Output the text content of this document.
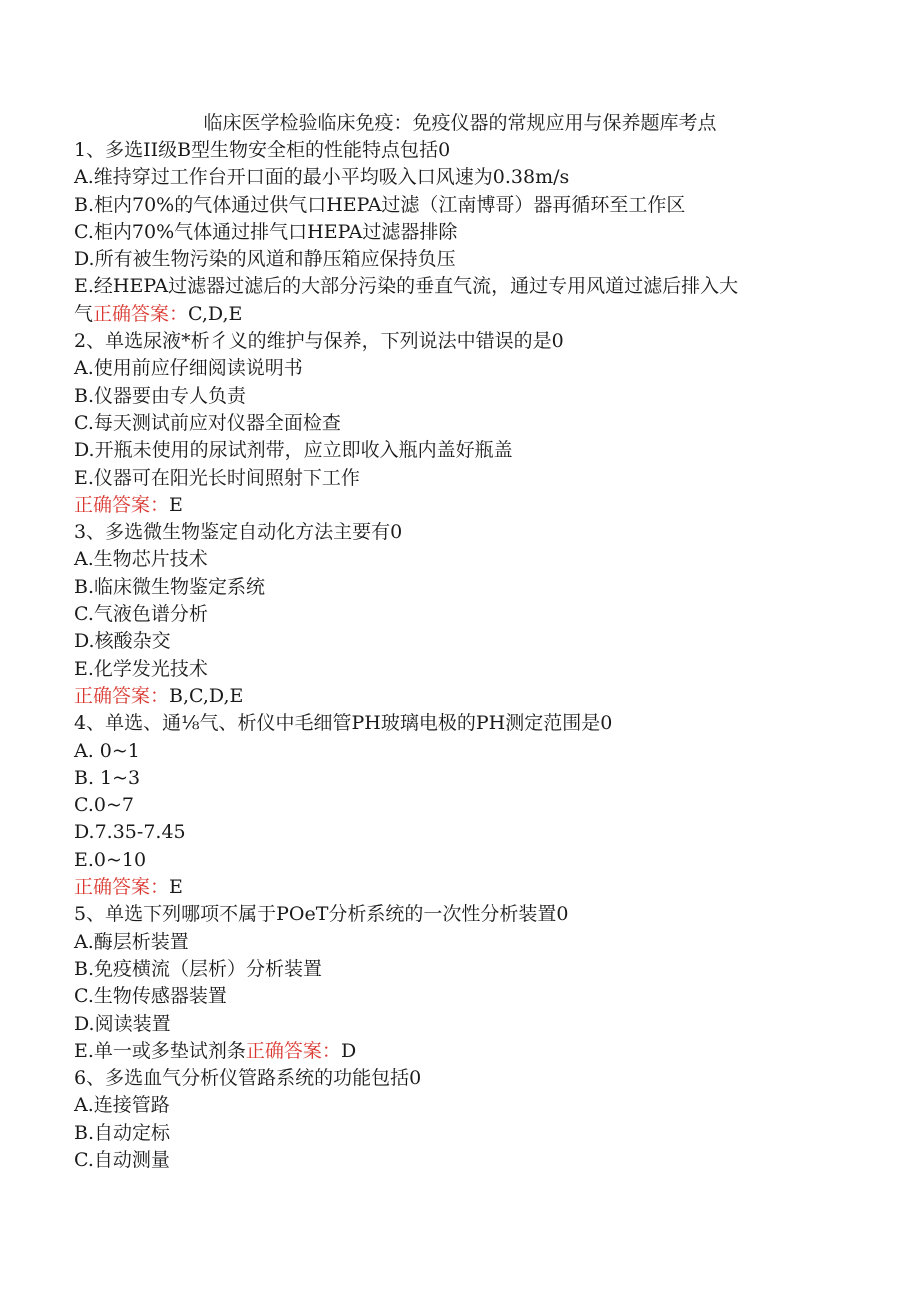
临床医学检验临床免疫：免疫仪器的常规应用与保养题库考点
1、多选II级B型生物安全柜的性能特点包括0
A.维持穿过工作台开口面的最小平均吸入口风速为0.38m/s
B.柜内70%的气体通过供气口HEPA过滤（江南博哥）器再循环至工作区
C.柜内70%气体通过排气口HEPA过滤器排除
D.所有被生物污染的风道和静压箱应保持负压
E.经HEPA过滤器过滤后的大部分污染的垂直气流，通过专用风道过滤后排入大
气正确答案：C,D,E
2、单选尿液*析彳义的维护与保养，下列说法中错误的是0
A.使用前应仔细阅读说明书
B.仪器要由专人负责
C.每天测试前应对仪器全面检查
D.开瓶未使用的尿试剂带，应立即收入瓶内盖好瓶盖
E.仪器可在阳光长时间照射下工作
正确答案：E
3、多选微生物鉴定自动化方法主要有0
A.生物芯片技术
B.临床微生物鉴定系统
C.气液色谱分析
D.核酸杂交
E.化学发光技术
正确答案：B,C,D,E
4、单选、通⅛气、析仪中毛细管PH玻璃电极的PH测定范围是0
A. 0~1
B. 1~3
C.0~7
D.7.35-7.45
E.0~10
正确答案：E
5、单选下列哪项不属于POeT分析系统的一次性分析装置0
A.酶层析装置
B.免疫横流（层析）分析装置
C.生物传感器装置
D.阅读装置
E.单一或多垫试剂条正确答案：D
6、多选血气分析仪管路系统的功能包括0
A.连接管路
B.自动定标
C.自动测量
